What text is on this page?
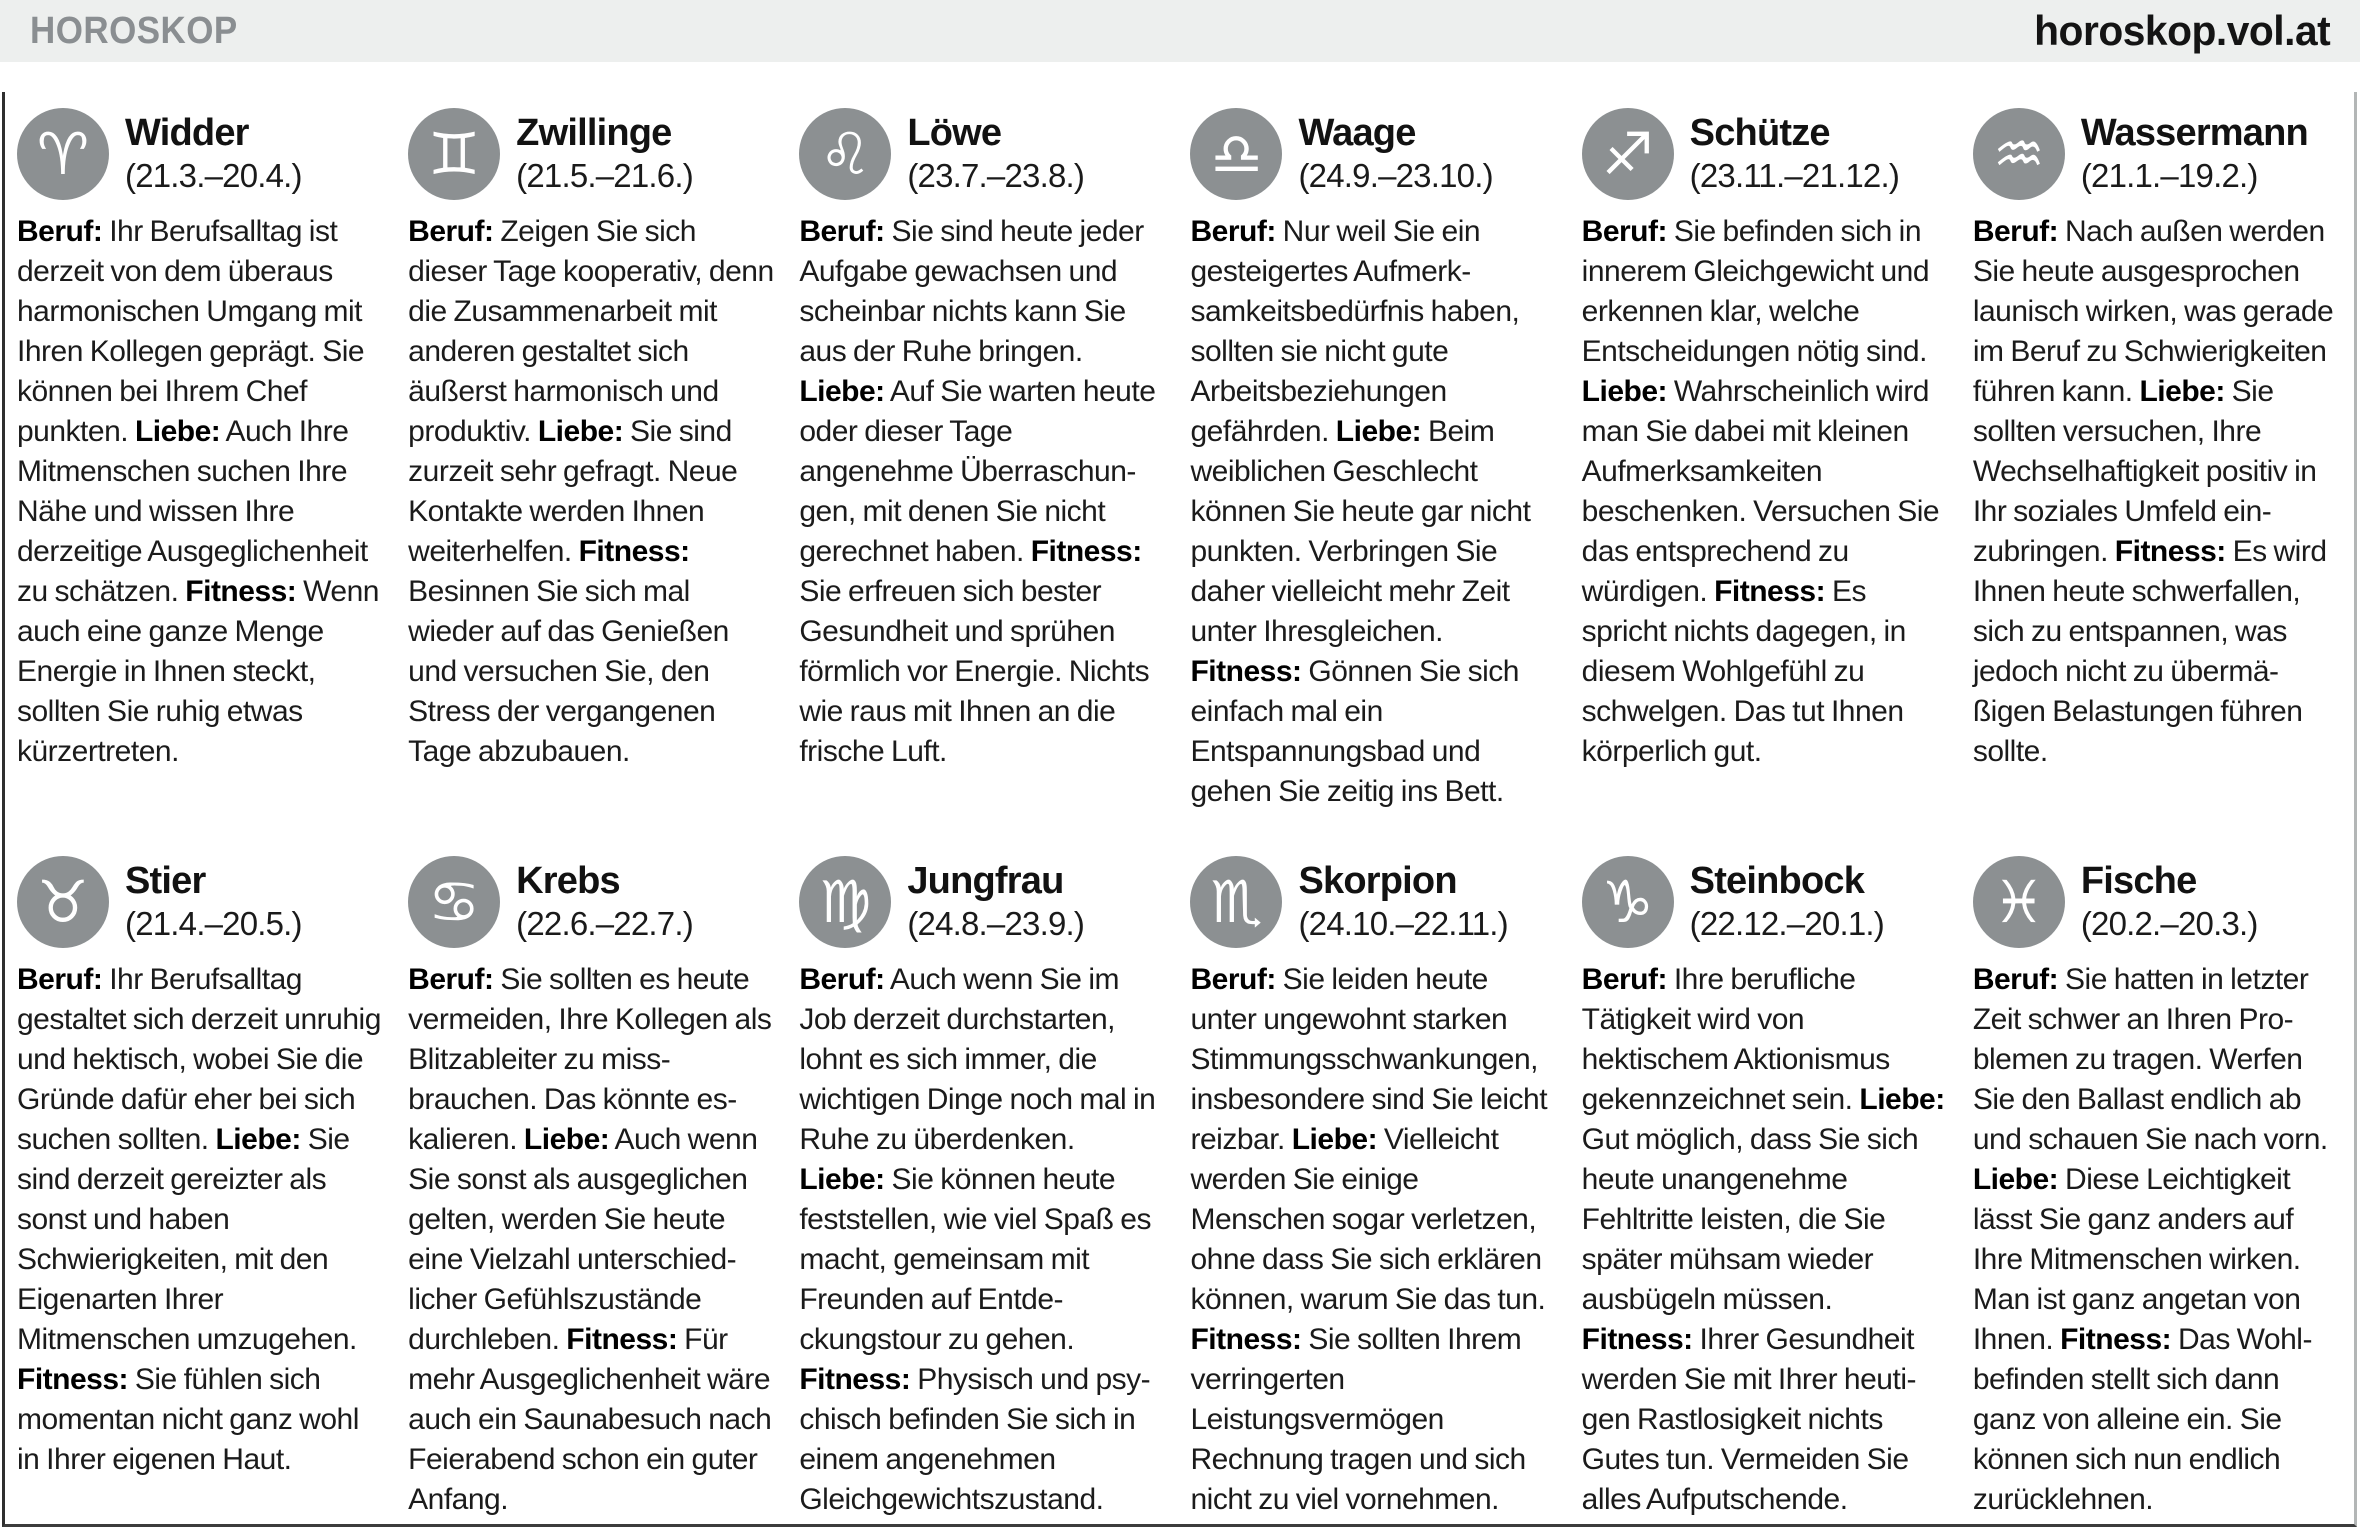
HOROSKOP	horoskop.vol.at
♈ Widder
(21.3.–20.4.)

Beruf: Ihr Berufsalltag ist derzeit von dem überaus harmonischen Umgang mit Ihren Kollegen geprägt. Sie können bei Ihrem Chef punkten. Liebe: Auch Ihre Mitmenschen suchen Ihre Nähe und wissen Ihre derzeitige Ausgeglichenheit zu schätzen. Fitness: Wenn auch eine ganze Menge Energie in Ihnen steckt, sollten Sie ruhig etwas kürzertreten.

♊ Zwillinge
(21.5.–21.6.)

Beruf: Zeigen Sie sich dieser Tage kooperativ, denn die Zusammenarbeit mit anderen gestaltet sich äußerst harmonisch und produktiv. Liebe: Sie sind zurzeit sehr gefragt. Neue Kontakte werden Ihnen weiterhelfen. Fitness: Besinnen Sie sich mal wieder auf das Genießen und versuchen Sie, den Stress der vergangenen Tage abzubauen.

♌ Löwe
(23.7.–23.8.)

Beruf: Sie sind heute jeder Aufgabe gewachsen und scheinbar nichts kann Sie aus der Ruhe bringen. Liebe: Auf Sie warten heute oder dieser Tage angenehme Überraschungen, mit denen Sie nicht gerechnet haben. Fitness: Sie erfreuen sich bester Gesundheit und sprühen förmlich vor Energie. Nichts wie raus mit Ihnen an die frische Luft.

♎ Waage
(24.9.–23.10.)

Beruf: Nur weil Sie ein gesteigertes Aufmerksamkeitsbedürfnis haben, sollten sie nicht gute Arbeitsbeziehungen gefährden. Liebe: Beim weiblichen Geschlecht können Sie heute gar nicht punkten. Verbringen Sie daher vielleicht mehr Zeit unter Ihresgleichen. Fitness: Gönnen Sie sich einfach mal ein Entspannungsbad und gehen Sie zeitig ins Bett.

♐ Schütze
(23.11.–21.12.)

Beruf: Sie befinden sich in innerem Gleichgewicht und erkennen klar, welche Entscheidungen nötig sind. Liebe: Wahrscheinlich wird man Sie dabei mit kleinen Aufmerksamkeiten beschenken. Versuchen Sie das entsprechend zu würdigen. Fitness: Es spricht nichts dagegen, in diesem Wohlgefühl zu schwelgen. Das tut Ihnen körperlich gut.

♒ Wassermann
(21.1.–19.2.)

Beruf: Nach außen werden Sie heute ausgesprochen launisch wirken, was gerade im Beruf zu Schwierigkeiten führen kann. Liebe: Sie sollten versuchen, Ihre Wechselhaftigkeit positiv in Ihr soziales Umfeld einzubringen. Fitness: Es wird Ihnen heute schwerfallen, sich zu entspannen, was jedoch nicht zu übermäßigen Belastungen führen sollte.

♉ Stier
(21.4.–20.5.)

Beruf: Ihr Berufsalltag gestaltet sich derzeit unruhig und hektisch, wobei Sie die Gründe dafür eher bei sich suchen sollten. Liebe: Sie sind derzeit gereizter als sonst und haben Schwierigkeiten, mit den Eigenarten Ihrer Mitmenschen umzugehen. Fitness: Sie fühlen sich momentan nicht ganz wohl in Ihrer eigenen Haut.

♋ Krebs
(22.6.–22.7.)

Beruf: Sie sollten es heute vermeiden, Ihre Kollegen als Blitzableiter zu missbrauchen. Das könnte eskalieren. Liebe: Auch wenn Sie sonst als ausgeglichen gelten, werden Sie heute eine Vielzahl unterschiedlicher Gefühlszustände durchleben. Fitness: Für mehr Ausgeglichenheit wäre auch ein Saunabesuch nach Feierabend schon ein guter Anfang.

♍ Jungfrau
(24.8.–23.9.)

Beruf: Auch wenn Sie im Job derzeit durchstarten, lohnt es sich immer, die wichtigen Dinge noch mal in Ruhe zu überdenken. Liebe: Sie können heute feststellen, wie viel Spaß es macht, gemeinsam mit Freunden auf Entdeckungstour zu gehen. Fitness: Physisch und psychisch befinden Sie sich in einem angenehmen Gleichgewichtszustand.

♏ Skorpion
(24.10.–22.11.)

Beruf: Sie leiden heute unter ungewohnt starken Stimmungsschwankungen, insbesondere sind Sie leicht reizbar. Liebe: Vielleicht werden Sie einige Menschen sogar verletzen, ohne dass Sie sich erklären können, warum Sie das tun. Fitness: Sie sollten Ihrem verringerten Leistungsvermögen Rechnung tragen und sich nicht zu viel vornehmen.

♑ Steinbock
(22.12.–20.1.)

Beruf: Ihre berufliche Tätigkeit wird von hektischem Aktionismus gekennzeichnet sein. Liebe: Gut möglich, dass Sie sich heute unangenehme Fehltritte leisten, die Sie später mühsam wieder ausbügeln müssen. Fitness: Ihrer Gesundheit werden Sie mit Ihrer heutigen Rastlosigkeit nichts Gutes tun. Vermeiden Sie alles Aufputschende.

♓ Fische
(20.2.–20.3.)

Beruf: Sie hatten in letzter Zeit schwer an Ihren Problemen zu tragen. Werfen Sie den Ballast endlich ab und schauen Sie nach vorn. Liebe: Diese Leichtigkeit lässt Sie ganz anders auf Ihre Mitmenschen wirken. Man ist ganz angetan von Ihnen. Fitness: Das Wohlbefinden stellt sich dann ganz von alleine ein. Sie können sich nun endlich zurücklehnen.
